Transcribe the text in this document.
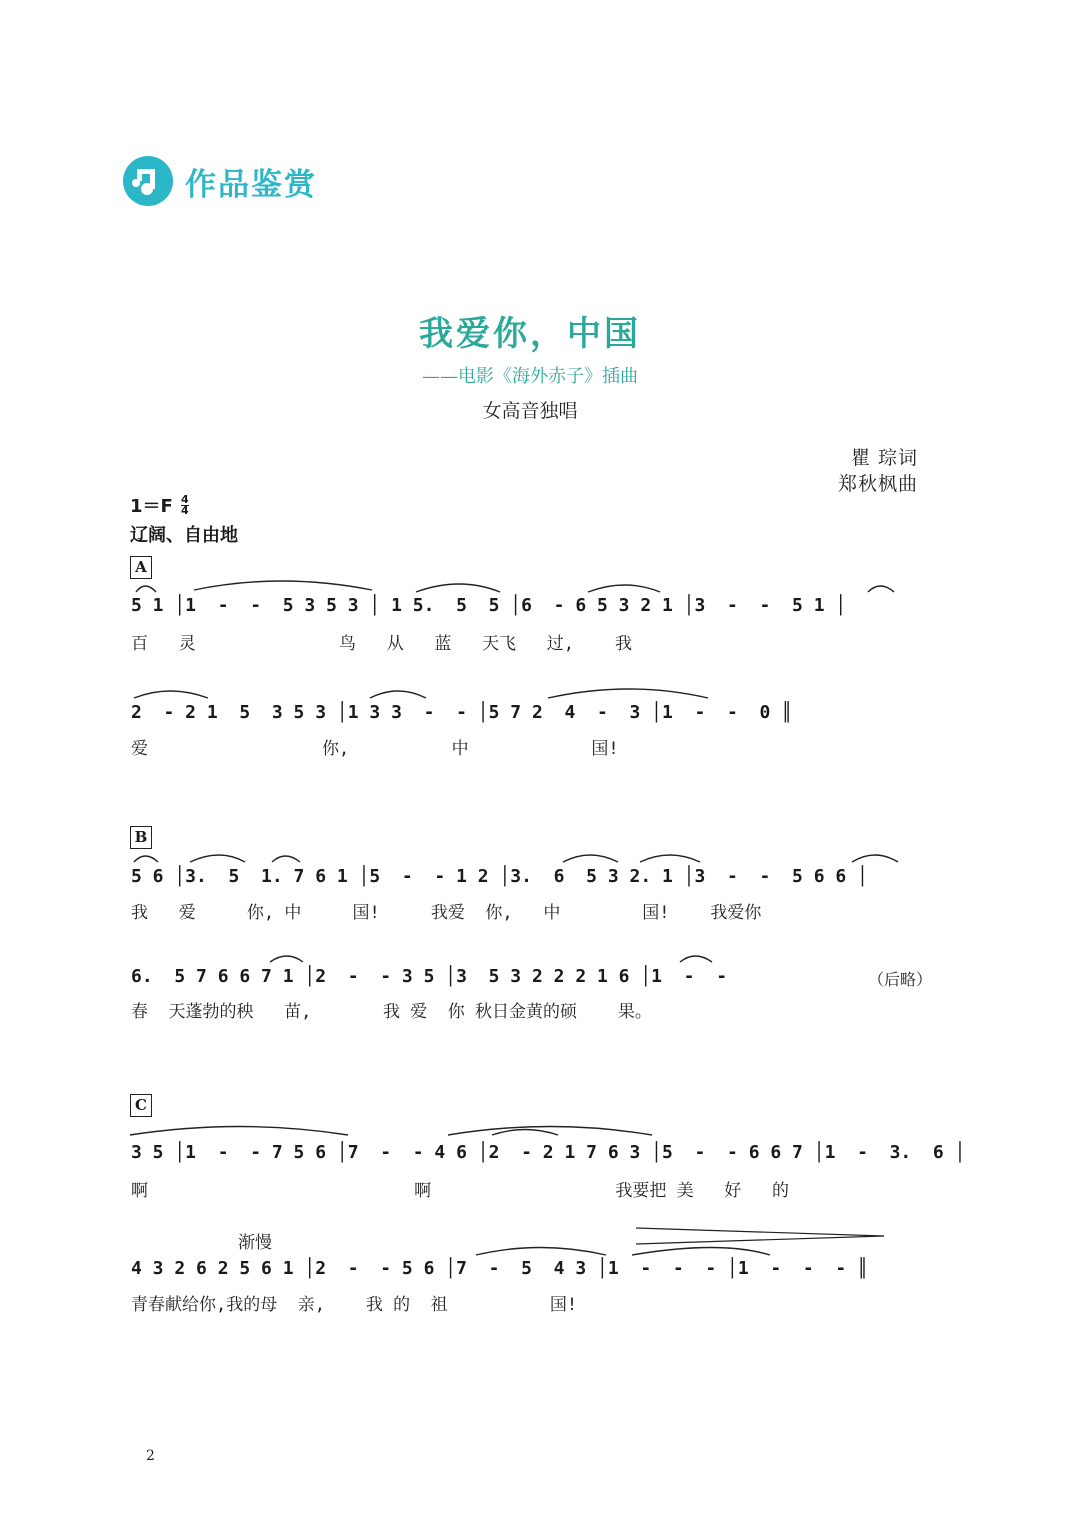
作品鉴赏
我爱你，中国
——电影《海外赤子》插曲
女高音独唱
瞿 琮词
郑秋枫曲
1＝F 4
4
辽阔、自由地
A
5 1 │1  -  -  5 3 5 3 │ 1 5.  5  5 │6  - 6 5 3 2 1 │3  -  -  5 1 │
百   灵              鸟   从   蓝   天飞   过,    我
2  - 2 1  5  3 5 3 │1 3 3  -  - │5 7 2  4  -  3 │1  -  -  0 ║
爱                 你,          中            国!
B
5 6 │3.  5  1. 7 6 1 │5  -  - 1 2 │3.  6  5 3 2. 1 │3  -  -  5 6 6 │
我   爱     你, 中     国!     我爱  你,   中        国!    我爱你
6.  5 7 6 6 7 1 │2  -  - 3 5 │3  5 3 2 2 2 1 6 │1  -  -	（后略）
春  天蓬勃的秧   苗,       我 爱  你 秋日金黄的硕    果。
C
3 5 │1  -  - 7 5 6 │7  -  - 4 6 │2  - 2 1 7 6 3 │5  -  - 6 6 7 │1  -  3.  6 │
啊                          啊                  我要把 美   好   的
渐慢
4 3 2 6 2 5 6 1 │2  -  - 5 6 │7  -  5  4 3 │1  -  -  - │1  -  -  - ║
青春献给你,我的母  亲,    我 的  祖          国!
2
